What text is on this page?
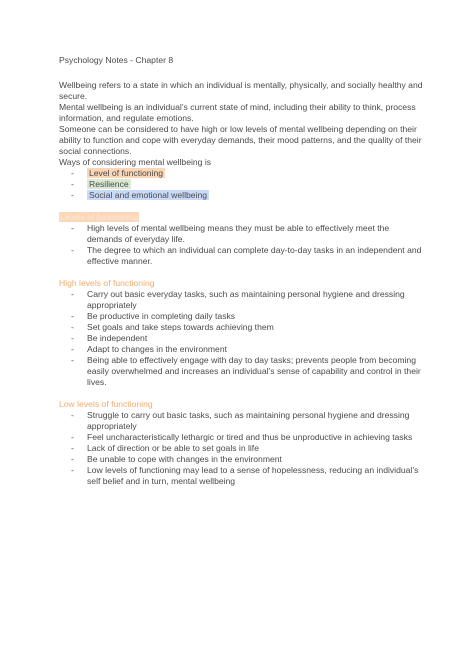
Psychology Notes - Chapter 8

Wellbeing refers to a state in which an individual is mentally, physically, and socially healthy and secure.

Mental wellbeing is an individual’s current state of mind, including their ability to think, process information, and regulate emotions.

Someone can be considered to have high or low levels of mental wellbeing depending on their ability to function and cope with everyday demands, their mood patterns, and the quality of their social connections.

Ways of considering mental wellbeing is

- Level of functioning
- Resilience
- Social and emotional wellbeing

Levels of functioning

- High levels of mental wellbeing means they must be able to effectively meet the demands of everyday life.
- The degree to which an individual can complete day-to-day tasks in an independent and effective manner.

High levels of functioning

- Carry out basic everyday tasks, such as maintaining personal hygiene and dressing appropriately
- Be productive in completing daily tasks
- Set goals and take steps towards achieving them
- Be independent
- Adapt to changes in the environment
- Being able to effectively engage with day to day tasks; prevents people from becoming easily overwhelmed and increases an individual’s sense of capability and control in their lives.

Low levels of functioning

- Struggle to carry out basic tasks, such as maintaining personal hygiene and dressing appropriately
- Feel uncharacteristically lethargic or tired and thus be unproductive in achieving tasks
- Lack of direction or be able to set goals in life
- Be unable to cope with changes in the environment
- Low levels of functioning may lead to a sense of hopelessness, reducing an individual’s self belief and in turn, mental wellbeing
